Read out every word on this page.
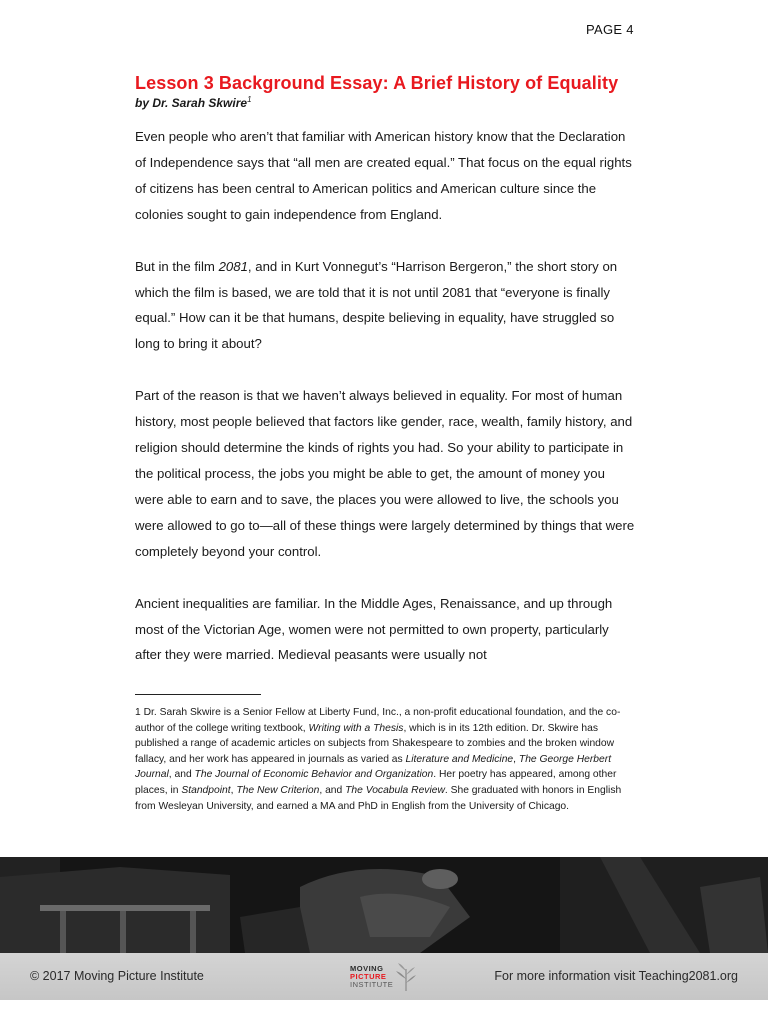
PAGE 4
Lesson 3 Background Essay: A Brief History of Equality

by Dr. Sarah Skwire$^1$

Even people who aren’t that familiar with American history know that the Declaration of Independence says that “all men are created equal.” That focus on the equal rights of citizens has been central to American politics and American culture since the colonies sought to gain independence from England.

But in the film 2081, and in Kurt Vonnegut’s “Harrison Bergeron,” the short story on which the film is based, we are told that it is not until 2081 that “everyone is finally equal.” How can it be that humans, despite believing in equality, have struggled so long to bring it about?

Part of the reason is that we haven’t always believed in equality. For most of human history, most people believed that factors like gender, race, wealth, family history, and religion should determine the kinds of rights you had. So your ability to participate in the political process, the jobs you might be able to get, the amount of money you were able to earn and to save, the places you were allowed to live, the schools you were allowed to go to—all of these things were largely determined by things that were completely beyond your control.

Ancient inequalities are familiar. In the Middle Ages, Renaissance, and up through most of the Victorian Age, women were not permitted to own property, particularly after they were married. Medieval peasants were usually not

1 Dr. Sarah Skwire is a Senior Fellow at Liberty Fund, Inc., a non-profit educational foundation, and the co-author of the college writing textbook, Writing with a Thesis, which is in its 12th edition. Dr. Skwire has published a range of academic articles on subjects from Shakespeare to zombies and the broken window fallacy, and her work has appeared in journals as varied as Literature and Medicine, The George Herbert Journal, and The Journal of Economic Behavior and Organization. Her poetry has appeared, among other places, in Standpoint, The New Criterion, and The Vocabula Review. She graduated with honors in English from Wesleyan University, and earned a MA and PhD in English from the University of Chicago.

© 2017 Moving Picture Institute
MOVING
PICTURE
INSTITUTE
For more information visit Teaching2081.org
